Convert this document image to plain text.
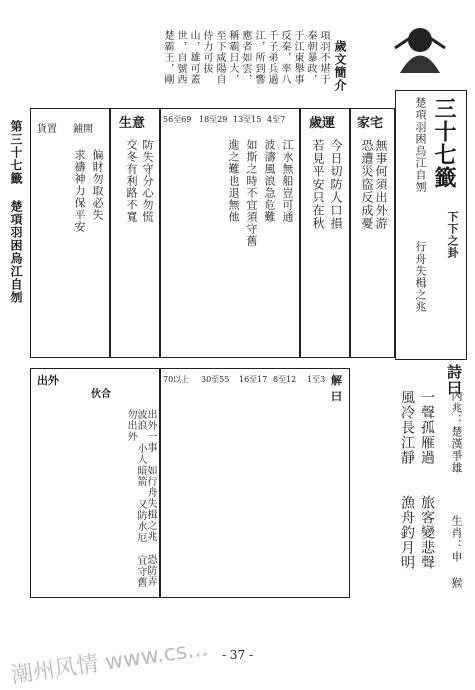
三十七籤
楚項羽困烏江自刎
下下之卦
行舟失楫之兆
詩曰
風冷長江靜
漁舟釣月明
一聲孤雁過
旅客變悲聲
內兆：楚漢爭雄
生肖：申 猴
歲文簡介
項羽不堪于秦朝暴政，于江東舉事反秦，率八千子弟兵過江，所到響應者如雲，稱霸日大，至下咸陽自侍力可拔山，雄可蓋世，自號西楚霸王，剛
家宅
無事何須出外游
恐遭災盜反成憂
歲運
今日切防人口損
若見平安只在秋
江水無船豈可通
波濤風浪急危難
如斯之時不宜須守舊
進之難也退無他
56至69 18至29 13至15 4至7
生意
防失守分心勿慌
交冬有利路不寬
貨置 鋪開
偏財勿取必失
求禱神力保平安
第三十七籤 楚項羽困烏江自刎
解曰
70以上 30至55 16至17 8至12 1至3
出外
伙合
出外一事 如行舟失楫之兆 恐防弄波浪 小人暗箭 又防水厄 宜守舊 勿出外
- 37 -
潮州风情 www.cs...
